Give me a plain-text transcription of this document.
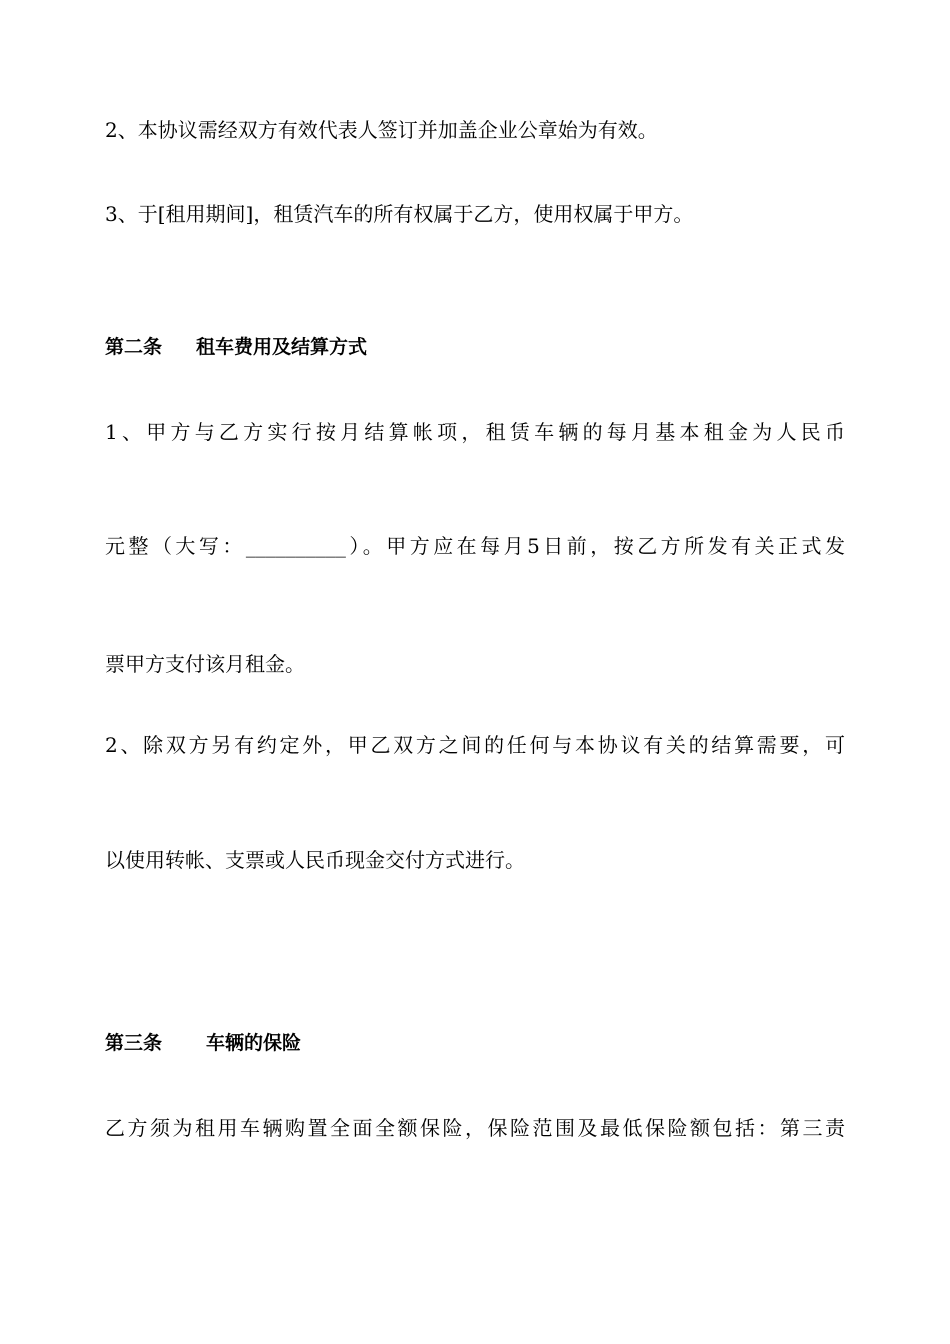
2、本协议需经双方有效代表人签订并加盖企业公章始为有效。
3、于[租用期间]，租赁汽车的所有权属于乙方，使用权属于甲方。
第二条 租车费用及结算方式
1、甲方与乙方实行按月结算帐项，租赁车辆的每月基本租金为人民币
元整（大写：__________）。甲方应在每月5日前，按乙方所发有关正式发
票甲方支付该月租金。
2、除双方另有约定外，甲乙双方之间的任何与本协议有关的结算需要，可
以使用转帐、支票或人民币现金交付方式进行。
第三条 车辆的保险
乙方须为租用车辆购置全面全额保险，保险范围及最低保险额包括：第三责
